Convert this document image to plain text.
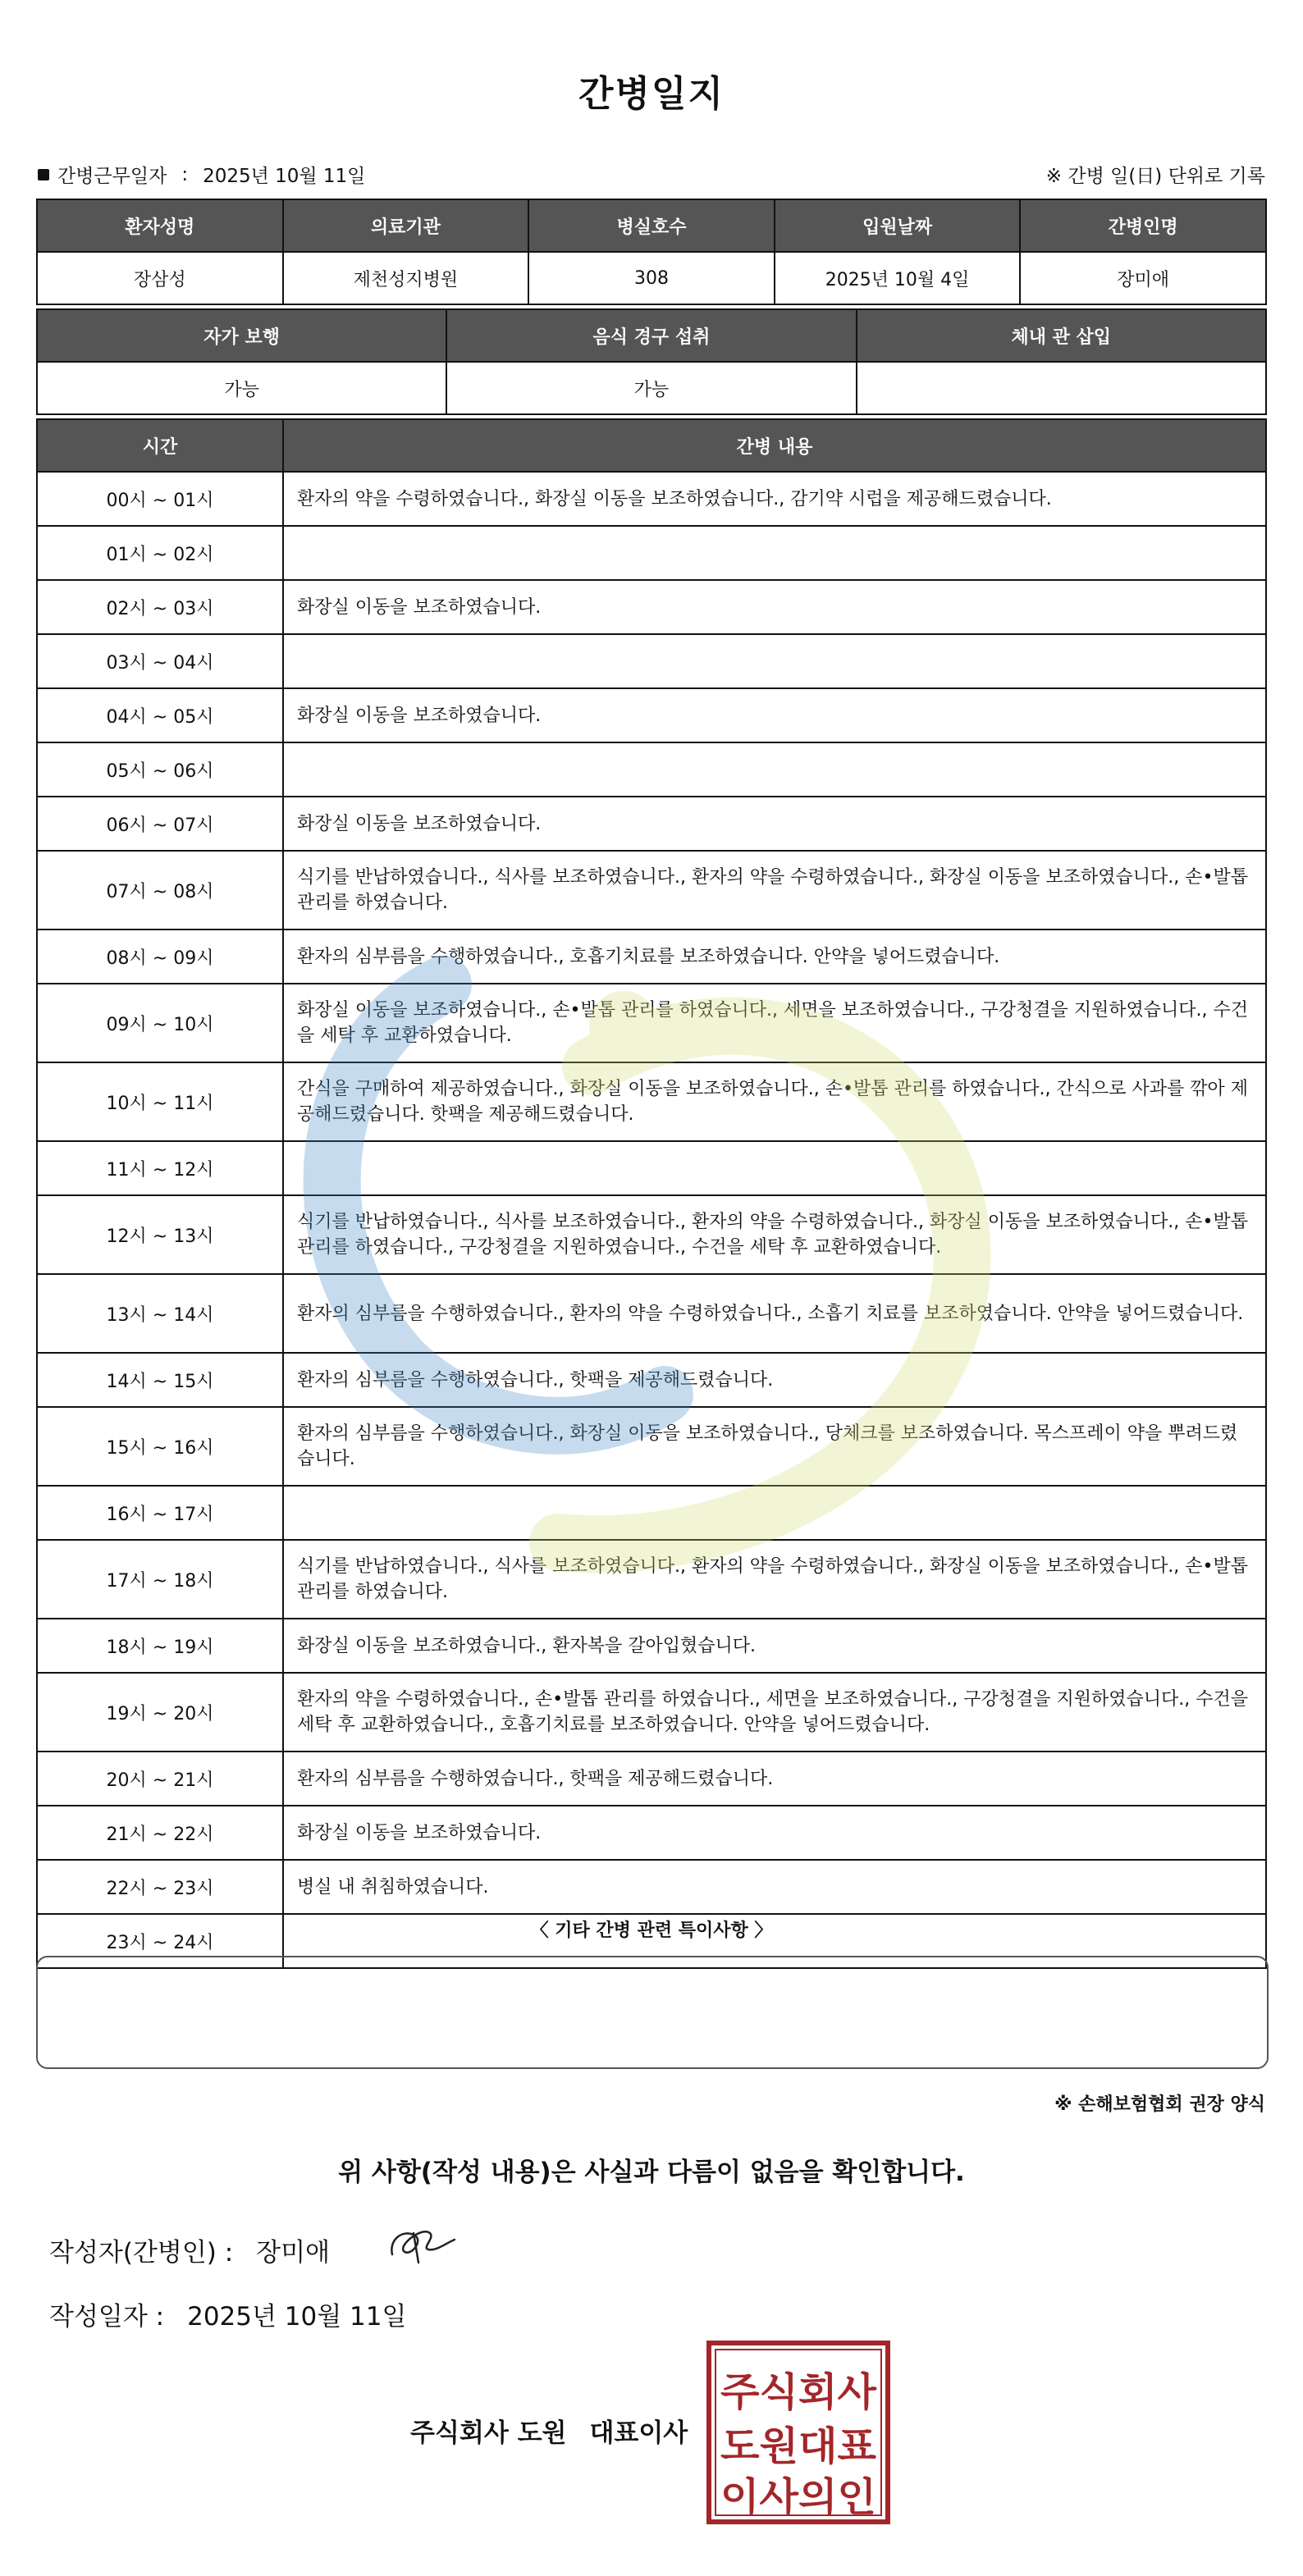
간병일지
간병근무일자 : 2025년 10월 11일	※ 간병 일(日) 단위로 기록
환자성명	의료기관	병실호수	입원날짜	간병인명
장삼성	제천성지병원	308	2025년 10월 4일	장미애
자가 보행	음식 경구 섭취	체내 관 삽입
가능	가능	
시간	간병 내용
00시 ~ 01시	환자의 약을 수령하였습니다., 화장실 이동을 보조하였습니다., 감기약 시럽을 제공해드렸습니다.
01시 ~ 02시	
02시 ~ 03시	화장실 이동을 보조하였습니다.
03시 ~ 04시	
04시 ~ 05시	화장실 이동을 보조하였습니다.
05시 ~ 06시	
06시 ~ 07시	화장실 이동을 보조하였습니다.
07시 ~ 08시	식기를 반납하였습니다., 식사를 보조하였습니다., 환자의 약을 수령하였습니다., 화장실 이동을 보조하였습니다., 손•발톱 관리를 하였습니다.
08시 ~ 09시	환자의 심부름을 수행하였습니다., 호흡기치료를 보조하였습니다. 안약을 넣어드렸습니다.
09시 ~ 10시	화장실 이동을 보조하였습니다., 손•발톱 관리를 하였습니다., 세면을 보조하였습니다., 구강청결을 지원하였습니다., 수건을 세탁 후 교환하였습니다.
10시 ~ 11시	간식을 구매하여 제공하였습니다., 화장실 이동을 보조하였습니다., 손•발톱 관리를 하였습니다., 간식으로 사과를 깎아 제공해드렸습니다. 핫팩을 제공해드렸습니다.
11시 ~ 12시	
12시 ~ 13시	식기를 반납하였습니다., 식사를 보조하였습니다., 환자의 약을 수령하였습니다., 화장실 이동을 보조하였습니다., 손•발톱 관리를 하였습니다., 구강청결을 지원하였습니다., 수건을 세탁 후 교환하였습니다.
13시 ~ 14시	환자의 심부름을 수행하였습니다., 환자의 약을 수령하였습니다., 소흡기 치료를 보조하였습니다. 안약을 넣어드렸습니다.
14시 ~ 15시	환자의 심부름을 수행하였습니다., 핫팩을 제공해드렸습니다.
15시 ~ 16시	환자의 심부름을 수행하였습니다., 화장실 이동을 보조하였습니다., 당체크를 보조하였습니다. 목스프레이 약을 뿌려드렸습니다.
16시 ~ 17시	
17시 ~ 18시	식기를 반납하였습니다., 식사를 보조하였습니다., 환자의 약을 수령하였습니다., 화장실 이동을 보조하였습니다., 손•발톱 관리를 하였습니다.
18시 ~ 19시	화장실 이동을 보조하였습니다., 환자복을 갈아입혔습니다.
19시 ~ 20시	환자의 약을 수령하였습니다., 손•발톱 관리를 하였습니다., 세면을 보조하였습니다., 구강청결을 지원하였습니다., 수건을 세탁 후 교환하였습니다., 호흡기치료를 보조하였습니다. 안약을 넣어드렸습니다.
20시 ~ 21시	환자의 심부름을 수행하였습니다., 핫팩을 제공해드렸습니다.
21시 ~ 22시	화장실 이동을 보조하였습니다.
22시 ~ 23시	병실 내 취침하였습니다.
23시 ~ 24시	
〈 기타 간병 관련 특이사항 〉
※ 손해보험협회 권장 양식
위 사항(작성 내용)은 사실과 다름이 없음을 확인합니다.
작성자(간병인) : 장미애
작성일자 : 2025년 10월 11일
주식회사 도원 대표이사
주식회사
도원대표
이사의인
